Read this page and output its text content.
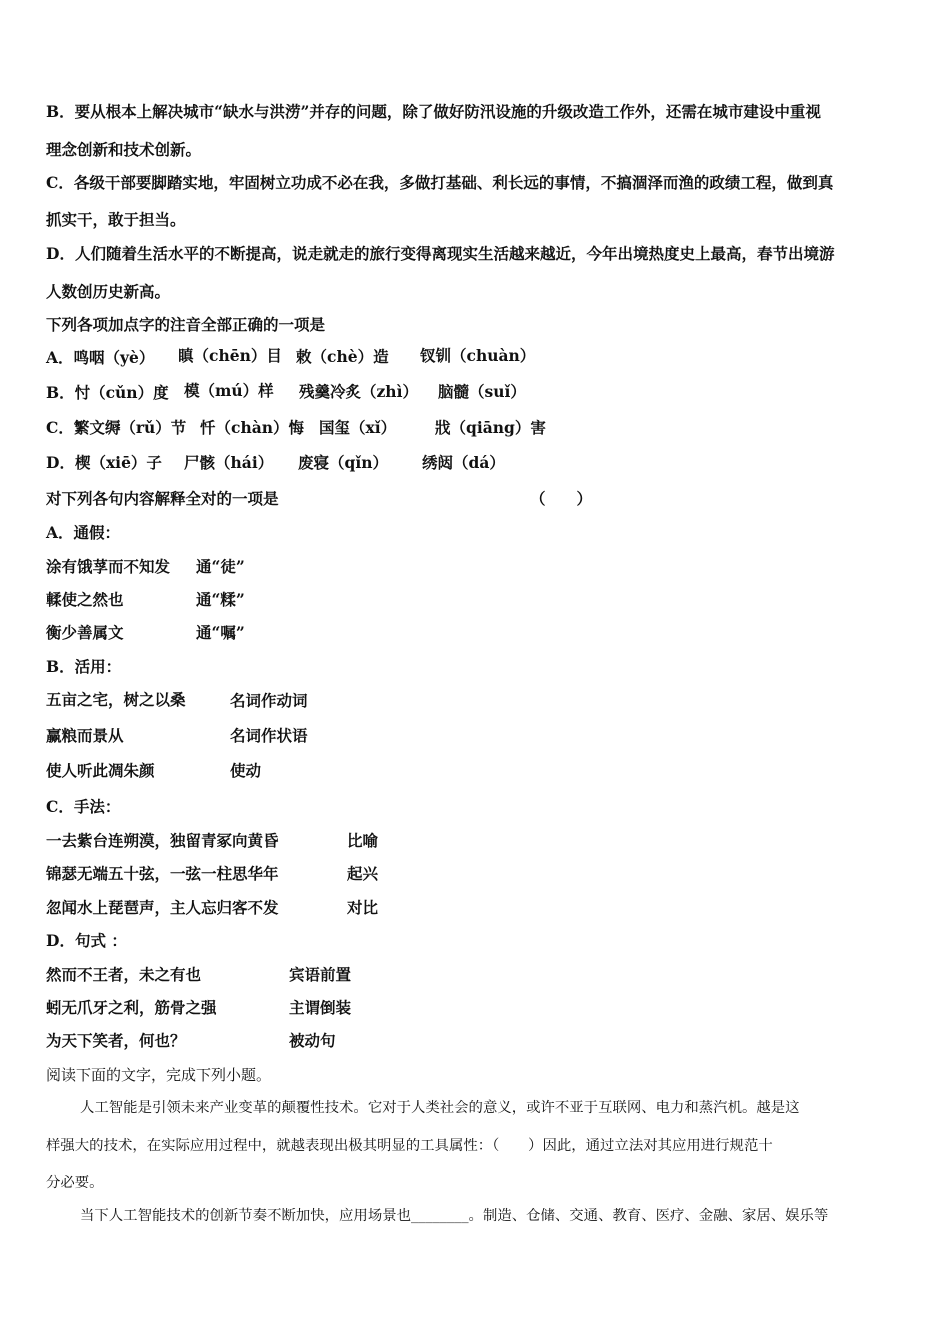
B．要从根本上解决城市“缺水与洪涝”并存的问题，除了做好防汛设施的升级改造工作外，还需在城市建设中重视
理念创新和技术创新。
C．各级干部要脚踏实地，牢固树立功成不必在我，多做打基础、利长远的事情，不搞涸泽而渔的政绩工程，做到真
抓实干，敢于担当。
D．人们随着生活水平的不断提高，说走就走的旅行变得离现实生活越来越近，今年出境热度史上最高，春节出境游
人数创历史新高。
下列各项加点字的注音全部正确的一项是
A．鸣咽（yè） 瞋（chēn）目 敕（chè）造 钗钏（chuàn）
B．忖（cǔn）度 模（mú）样 残羹冷炙（zhì） 脑髓（suǐ）
C．繁文缛（rǔ）节 忏（chàn）悔 国玺（xǐ）	戕（qiāng）害
D．楔（xiē）子 尸骸（hái） 废寝（qǐn） 绣闼（dá）
对下列各句内容解释全对的一项是	（　　）
A．通假：
涂有饿莩而不知发 通“徒”
輮使之然也	通“糅”
衡少善属文	通“嘱”
B．活用：
五亩之宅，树之以桑	名词作动词
赢粮而景从	名词作状语
使人听此凋朱颜	使动
C．手法：
一去紫台连朔漠，独留青冢向黄昏	比喻
锦瑟无端五十弦，一弦一柱思华年	起兴
忽闻水上琵琶声，主人忘归客不发	对比
D．句式 ：
然而不王者，未之有也	宾语前置
蚓无爪牙之利，筋骨之强	主谓倒装
为天下笑者，何也？	被动句
阅读下面的文字，完成下列小题。
人工智能是引领未来产业变革的颠覆性技术。它对于人类社会的意义，或许不亚于互联网、电力和蒸汽机。越是这
样强大的技术，在实际应用过程中，就越表现出极其明显的工具属性：（　　）因此，通过立法对其应用进行规范十
分必要。
当下人工智能技术的创新节奏不断加快，应用场景也________。制造、仓储、交通、教育、医疗、金融、家居、娱乐等
